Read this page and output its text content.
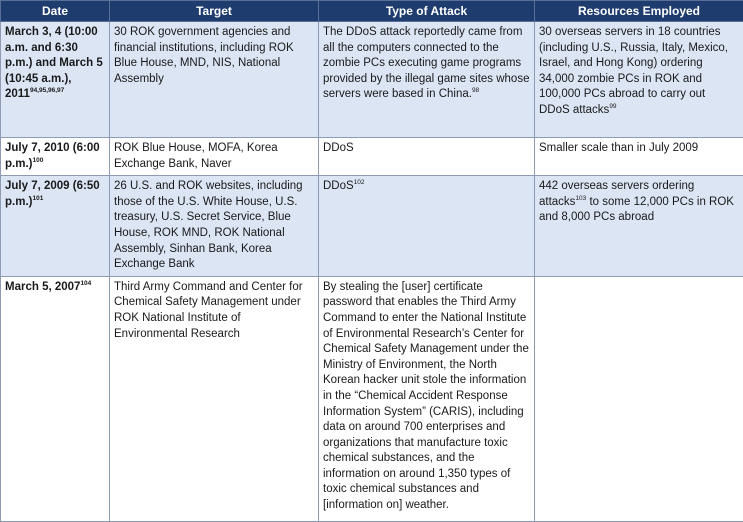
Date	Target	Type of Attack	Resources Employed
March 3, 4 (10:00 a.m. and 6:30 p.m.) and March 5 (10:45 a.m.), 2011$^{94,95,96,97}$	30 ROK government agencies and financial institutions, including ROK Blue House, MND, NIS, National Assembly	The DDoS attack reportedly came from all the computers connected to the zombie PCs executing game programs provided by the illegal game sites whose servers were based in China.$^{98}$	30 overseas servers in 18 countries (including U.S., Russia, Italy, Mexico, Israel, and Hong Kong) ordering 34,000 zombie PCs in ROK and 100,000 PCs abroad to carry out DDoS attacks$^{99}$
July 7, 2010 (6:00 p.m.)$^{100}$	ROK Blue House, MOFA, Korea Exchange Bank, Naver	DDoS	Smaller scale than in July 2009
July 7, 2009 (6:50 p.m.)$^{101}$	26 U.S. and ROK websites, including those of the U.S. White House, U.S. treasury, U.S. Secret Service, Blue House, ROK MND, ROK National Assembly, Sinhan Bank, Korea Exchange Bank	DDoS$^{102}$	442 overseas servers ordering attacks$^{103}$ to some 12,000 PCs in ROK and 8,000 PCs abroad
March 5, 2007$^{104}$	Third Army Command and Center for Chemical Safety Management under ROK National Institute of Environmental Research	By stealing the [user] certificate password that enables the Third Army Command to enter the National Institute of Environmental Research’s Center for Chemical Safety Management under the Ministry of Environment, the North Korean hacker unit stole the information in the “Chemical Accident Response Information System” (CARIS), including data on around 700 enterprises and organizations that manufacture toxic chemical substances, and the information on around 1,350 types of toxic chemical substances and [information on] weather.	
